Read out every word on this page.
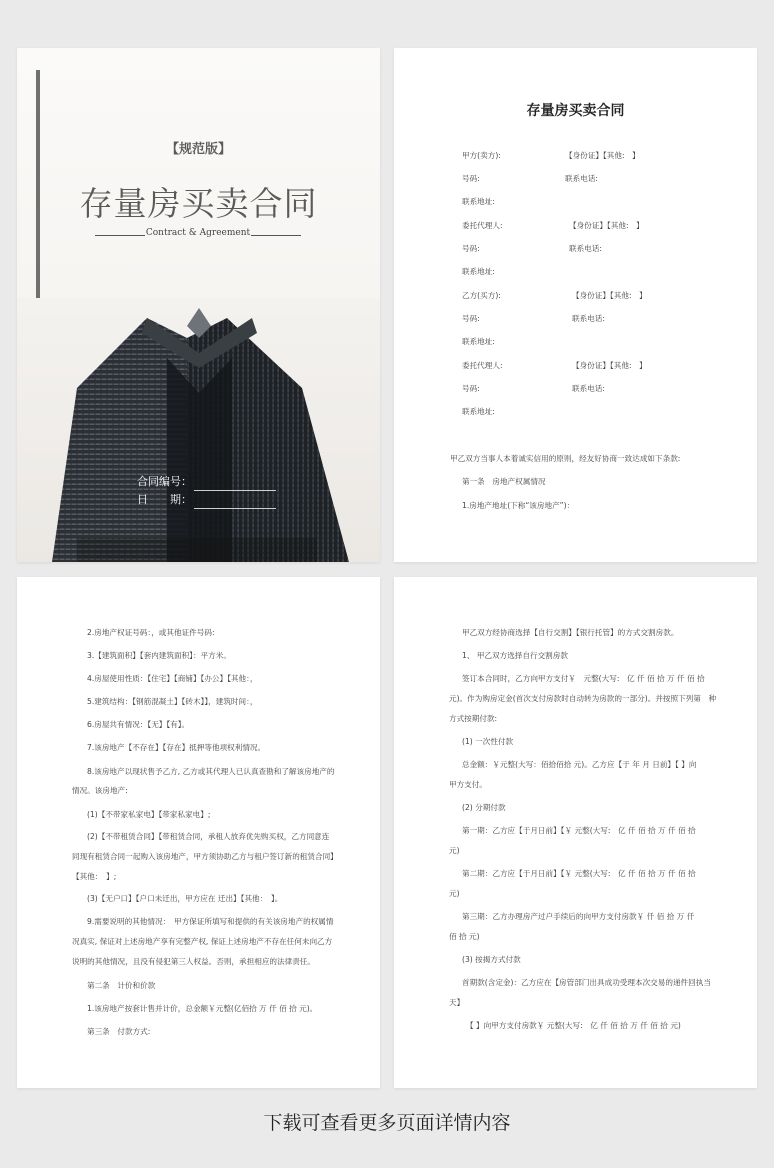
【规范版】
存量房买卖合同
Contract & Agreement
合同编号：
日　　期：
存量房买卖合同
甲方(卖方):	【身份证】【其他:　】
号码:	联系电话:
联系地址:
委托代理人:	【身份证】【其他:　】
号码:	联系电话:
联系地址:
乙方(买方):	【身份证】【其他:　】
号码:	联系电话:
联系地址:
委托代理人:	【身份证】【其他:　】
号码:	联系电话:
联系地址:
甲乙双方当事人本着诚实信用的原则，经友好协商一致达成如下条款:
第一条　房地产权属情况
1.房地产地址(下称“该房地产”)：
2.房地产权证号码：，或其他证件号码:
3.【建筑面积】【套内建筑面积】：平方米。
4.房屋使用性质：【住宅】【商铺】【办公】【其他：，
5.建筑结构：【钢筋混凝土】【砖木】】，建筑时间：，
6.房屋共有情况：【无】【有】。
7.该房地产【不存在】【存在】抵押等他项权利情况。
8.该房地产以现状售予乙方, 乙方或其代理人已认真查勘和了解该房地产的
情况。该房地产:
(1)【不带家私家电】【带家私家电】;
(2)【不带租赁合同】【带租赁合同，承租人放弃优先购买权，乙方同意连
同现有租赁合同一起购入该房地产，甲方须协助乙方与租户签订新的租赁合同】
【其他：　】;
(3)【无户口】【户口未迁出，甲方应在 迁出】【其他：　】。
9.需要说明的其他情况：　甲方保证所填写和提供的有关该房地产的权属情
况真实, 保证对上述房地产享有完整产权, 保证上述房地产不存在任何未向乙方
说明的其他情况，且没有侵犯第三人权益。否则，承担相应的法律责任。
第二条　计价和价款
1.该房地产按套计售并计价，总金额￥元整(亿佰拾 万 仟 佰 拾 元)。
第三条　付款方式:
甲乙双方经协商选择【自行交割】【银行托管】的方式交割房款。
1、 甲乙双方选择自行交割房款
签订本合同时，乙方向甲方支付￥　元整(大写:　亿 仟 佰 拾 万 仟 佰 拾
元)。作为购房定金(首次支付房款时自动转为房款的一部分)。并按照下列第　种
方式按期付款:
(1) 一次性付款
总金额：￥元整(大写：佰拾佰拾 元)。乙方应【于 年 月 日前】【 】向
甲方支付。
(2) 分期付款
第一期：乙方应【于月日前】【￥ 元整(大写:　亿 仟 佰 拾 万 仟 佰 拾
元)
第二期：乙方应【于月日前】【￥ 元整(大写:　亿 仟 佰 拾 万 仟 佰 拾
元)
第三期：乙方办理房产过户手续后的向甲方支付房款￥ 仟 佰 拾 万 仟
佰 拾 元)
(3) 按揭方式付款
首期款(含定金)：乙方应在【房管部门出具成功受理本次交易的递件回执当
天】
【 】向甲方支付房款￥ 元整(大写:　亿 仟 佰 拾 万 仟 佰 拾 元)
下载可查看更多页面详情内容
